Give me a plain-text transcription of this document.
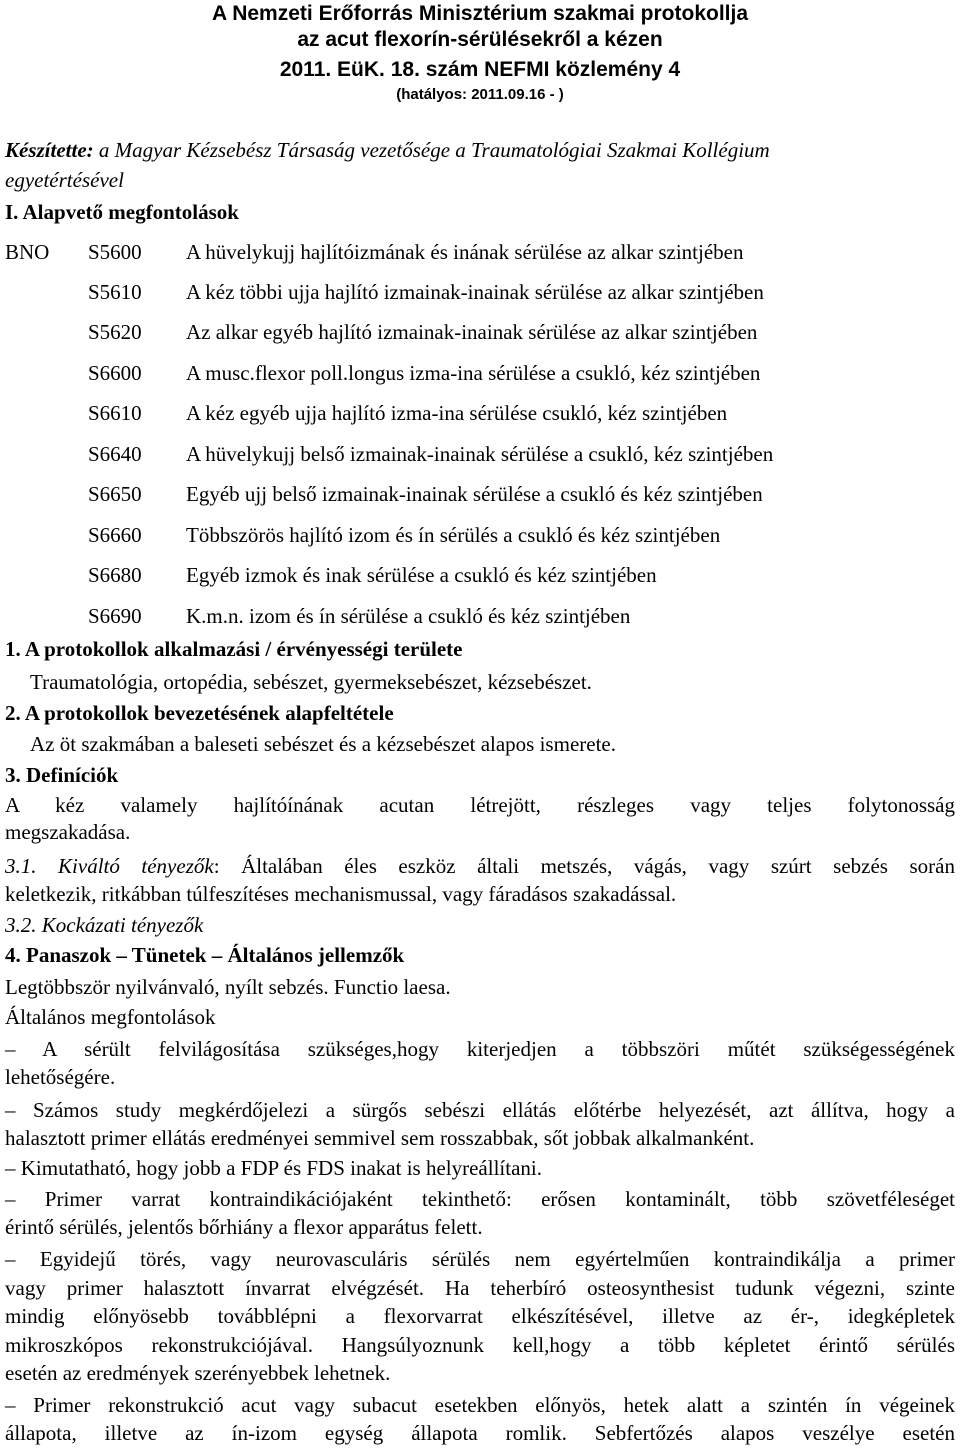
A Nemzeti Erőforrás Minisztérium szakmai protokollja
az acut flexorín-sérülésekről a kézen
2011. EüK. 18. szám NEFMI közlemény 4
(hatályos: 2011.09.16 - )
Készítette: a Magyar Kézsebész Társaság vezetősége a Traumatológiai Szakmai Kollégium
egyetértésével
I. Alapvető megfontolások
BNO S5600 A hüvelykujj hajlítóizmának és inának sérülése az alkar szintjében
S5610 A kéz többi ujja hajlító izmainak-inainak sérülése az alkar szintjében
S5620 Az alkar egyéb hajlító izmainak-inainak sérülése az alkar szintjében
S6600 A musc.flexor poll.longus izma-ina sérülése a csukló, kéz szintjében
S6610 A kéz egyéb ujja hajlító izma-ina sérülése csukló, kéz szintjében
S6640 A hüvelykujj belső izmainak-inainak sérülése a csukló, kéz szintjében
S6650 Egyéb ujj belső izmainak-inainak sérülése a csukló és kéz szintjében
S6660 Többszörös hajlító izom és ín sérülés a csukló és kéz szintjében
S6680 Egyéb izmok és inak sérülése a csukló és kéz szintjében
S6690 K.m.n. izom és ín sérülése a csukló és kéz szintjében
1. A protokollok alkalmazási / érvényességi területe
Traumatológia, ortopédia, sebészet, gyermeksebészet, kézsebészet.
2. A protokollok bevezetésének alapfeltétele
Az öt szakmában a baleseti sebészet és a kézsebészet alapos ismerete.
3. Definíciók
A kéz valamely hajlítóínának acutan létrejött, részleges vagy teljes folytonosság
megszakadása.
3.1. Kiváltó tényezők: Általában éles eszköz általi metszés, vágás, vagy szúrt sebzés során
keletkezik, ritkábban túlfeszítéses mechanismussal, vagy fáradásos szakadással.
3.2. Kockázati tényezők
4. Panaszok – Tünetek – Általános jellemzők
Legtöbbször nyilvánvaló, nyílt sebzés. Functio laesa.
Általános megfontolások
– A sérült felvilágosítása szükséges,hogy kiterjedjen a többszöri műtét szükségességének
lehetőségére.
– Számos study megkérdőjelezi a sürgős sebészi ellátás előtérbe helyezését, azt állítva, hogy a
halasztott primer ellátás eredményei semmivel sem rosszabbak, sőt jobbak alkalmanként.
– Kimutatható, hogy jobb a FDP és FDS inakat is helyreállítani.
– Primer varrat kontraindikációjaként tekinthető: erősen kontaminált, több szövetféleséget
érintő sérülés, jelentős bőrhiány a flexor apparátus felett.
– Egyidejű törés, vagy neurovasculáris sérülés nem egyértelműen kontraindikálja a primer
vagy primer halasztott ínvarrat elvégzését. Ha teherbíró osteosynthesist tudunk végezni, szinte
mindig előnyösebb továbblépni a flexorvarrat elkészítésével, illetve az ér-, idegképletek
mikroszkópos rekonstrukciójával. Hangsúlyoznunk kell,hogy a több képletet érintő sérülés
esetén az eredmények szerényebbek lehetnek.
– Primer rekonstrukció acut vagy subacut esetekben előnyös, hetek alatt a szintén ín végeinek
állapota, illetve az ín-izom egység állapota romlik. Sebfertőzés alapos veszélye esetén
